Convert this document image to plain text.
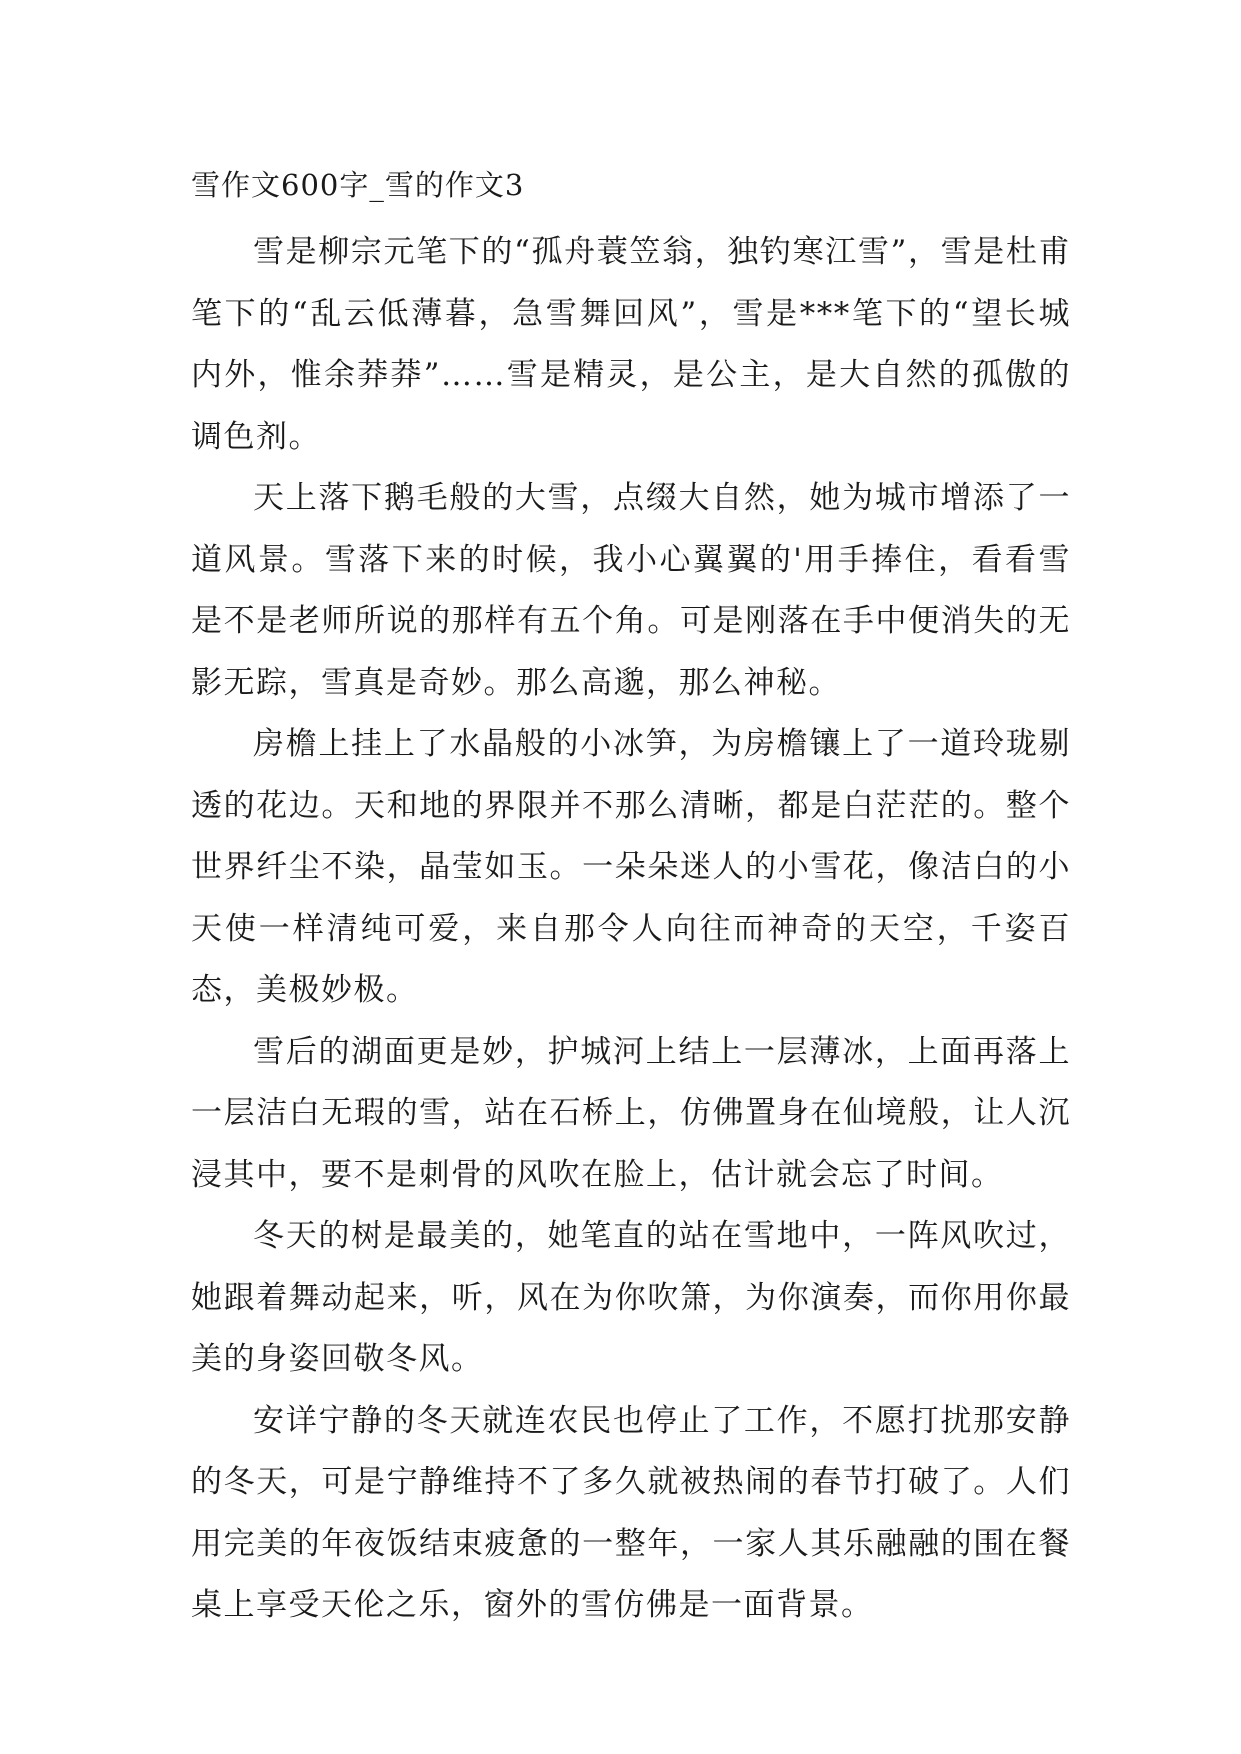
雪作文600字_雪的作文3

雪是柳宗元笔下的“孤舟蓑笠翁，独钓寒江雪”，雪是杜甫笔下的“乱云低薄暮，急雪舞回风”，雪是***笔下的“望长城内外，惟余莽莽”……雪是精灵，是公主，是大自然的孤傲的调色剂。

天上落下鹅毛般的大雪，点缀大自然，她为城市增添了一道风景。雪落下来的时候，我小心翼翼的'用手捧住，看看雪是不是老师所说的那样有五个角。可是刚落在手中便消失的无影无踪，雪真是奇妙。那么高邈，那么神秘。

房檐上挂上了水晶般的小冰笋，为房檐镶上了一道玲珑剔透的花边。天和地的界限并不那么清晰，都是白茫茫的。整个世界纤尘不染，晶莹如玉。一朵朵迷人的小雪花，像洁白的小天使一样清纯可爱，来自那令人向往而神奇的天空，千姿百态，美极妙极。

雪后的湖面更是妙，护城河上结上一层薄冰，上面再落上一层洁白无瑕的雪，站在石桥上，仿佛置身在仙境般，让人沉浸其中，要不是刺骨的风吹在脸上，估计就会忘了时间。

冬天的树是最美的，她笔直的站在雪地中，一阵风吹过，她跟着舞动起来，听，风在为你吹箫，为你演奏，而你用你最美的身姿回敬冬风。

安详宁静的冬天就连农民也停止了工作，不愿打扰那安静的冬天，可是宁静维持不了多久就被热闹的春节打破了。人们用完美的年夜饭结束疲惫的一整年，一家人其乐融融的围在餐桌上享受天伦之乐，窗外的雪仿佛是一面背景。
